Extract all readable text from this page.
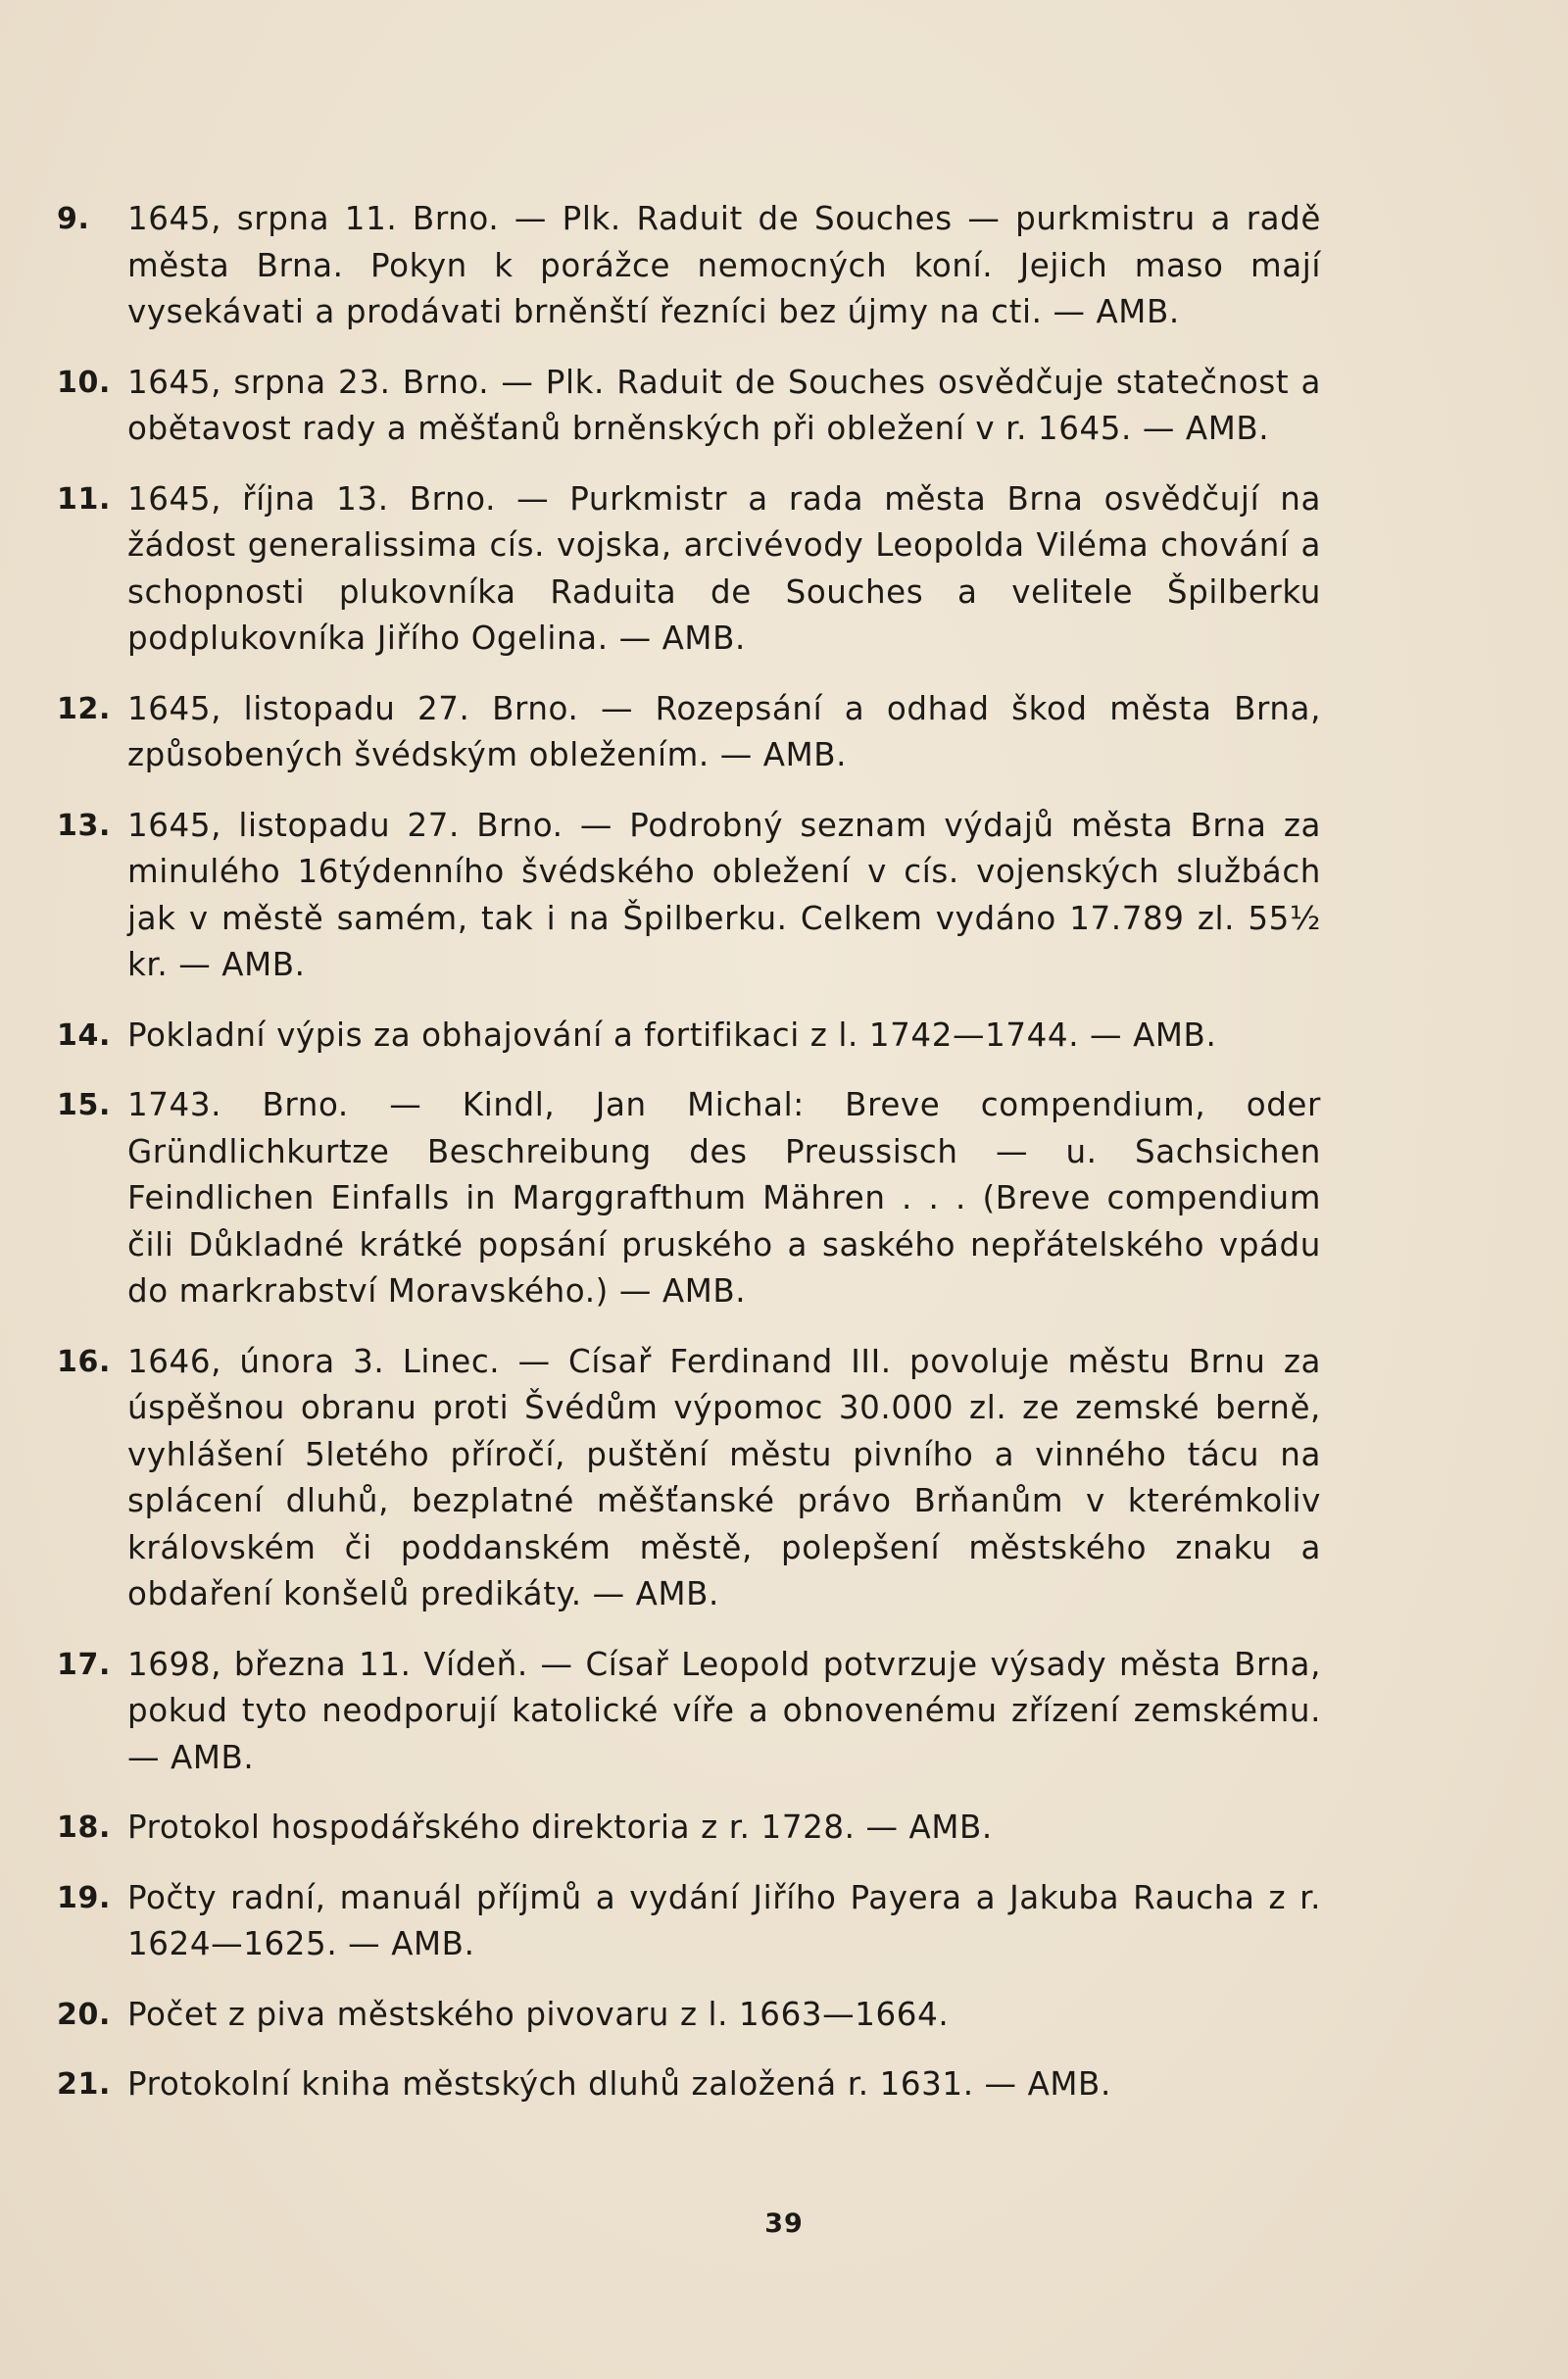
9. 1645, srpna 11. Brno. — Plk. Raduit de Souches — purkmistru a radě města Brna. Pokyn k porážce nemocných koní. Jejich maso mají vysekávati a prodávati brněnští řezníci bez újmy na cti. — AMB.
10. 1645, srpna 23. Brno. — Plk. Raduit de Souches osvědčuje statečnost a obětavost rady a měšťanů brněnských při obležení v r. 1645. — AMB.
11. 1645, října 13. Brno. — Purkmistr a rada města Brna osvědčují na žádost generalissima cís. vojska, arcivévody Leopolda Viléma chování a schopnosti plukovníka Raduita de Souches a velitele Špilberku podplukovníka Jiřího Ogelina. — AMB.
12. 1645, listopadu 27. Brno. — Rozepsání a odhad škod města Brna, způsobených švédským obležením. — AMB.
13. 1645, listopadu 27. Brno. — Podrobný seznam výdajů města Brna za minulého 16týdenního švédského obležení v cís. vojenských službách jak v městě samém, tak i na Špilberku. Celkem vydáno 17.789 zl. 55½ kr. — AMB.
14. Pokladní výpis za obhajování a fortifikaci z l. 1742—1744. — AMB.
15. 1743. Brno. — Kindl, Jan Michal: Breve compendium, oder Gründlichkurtze Beschreibung des Preussisch — u. Sachsichen Feindlichen Einfalls in Marggrafthum Mähren . . . (Breve compendium čili Důkladné krátké popsání pruského a saského nepřátelského vpádu do markrabství Moravského.) — AMB.
16. 1646, února 3. Linec. — Císař Ferdinand III. povoluje městu Brnu za úspěšnou obranu proti Švédům výpomoc 30.000 zl. ze zemské berně, vyhlášení 5letého příročí, puštění městu pivního a vinného tácu na splácení dluhů, bezplatné měšťanské právo Brňanům v kterémkoliv královském či poddanském městě, polepšení městského znaku a obdaření konšelů predikáty. — AMB.
17. 1698, března 11. Vídeň. — Císař Leopold potvrzuje výsady města Brna, pokud tyto neodporují katolické víře a obnovenému zřízení zemskému. — AMB.
18. Protokol hospodářského direktoria z r. 1728. — AMB.
19. Počty radní, manuál příjmů a vydání Jiřího Payera a Jakuba Raucha z r. 1624—1625. — AMB.
20. Počet z piva městského pivovaru z l. 1663—1664.
21. Protokolní kniha městských dluhů založená r. 1631. — AMB.
39
